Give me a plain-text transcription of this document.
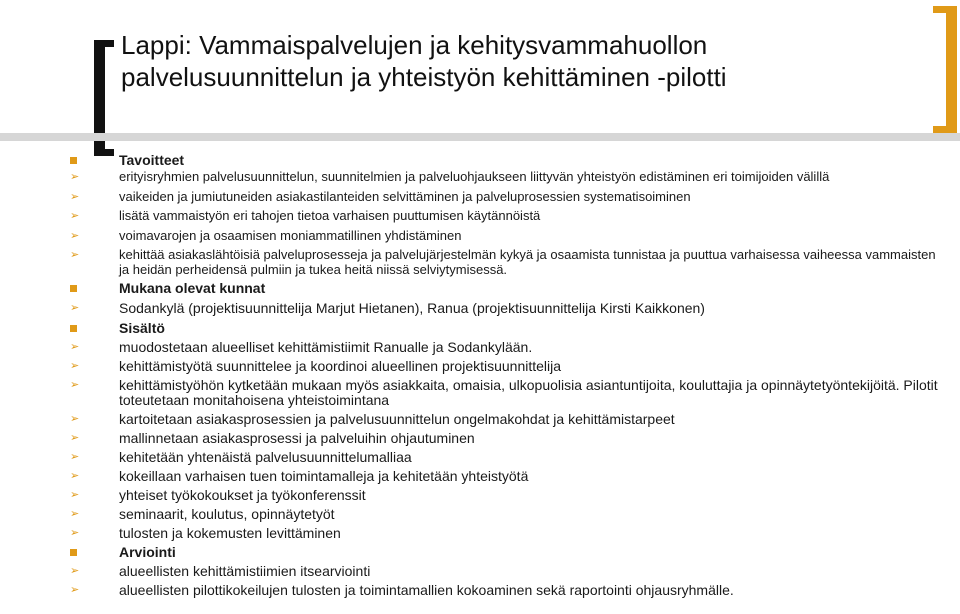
Lappi: Vammaispalvelujen ja kehitysvammahuollon
palvelusuunnittelun ja yhteistyön kehittäminen -pilotti
Tavoitteet
➢	erityisryhmien palvelusuunnittelun, suunnitelmien ja palveluohjaukseen liittyvän yhteistyön edistäminen eri toimijoiden välillä
➢	vaikeiden ja jumiutuneiden asiakastilanteiden selvittäminen ja palveluprosessien systematisoiminen
➢	lisätä vammaistyön eri tahojen tietoa varhaisen puuttumisen käytännöistä
➢	voimavarojen ja osaamisen moniammatillinen yhdistäminen
➢	kehittää asiakaslähtöisiä palveluprosesseja ja palvelujärjestelmän kykyä ja osaamista tunnistaa ja puuttua varhaisessa vaiheessa vammaisten ja heidän perheidensä pulmiin ja tukea heitä niissä selviytymisessä.
Mukana olevat kunnat
➢	Sodankylä (projektisuunnittelija Marjut Hietanen), Ranua (projektisuunnittelija Kirsti Kaikkonen)
Sisältö
➢	muodostetaan alueelliset kehittämistiimit Ranualle ja Sodankylään.
➢	kehittämistyötä suunnittelee ja koordinoi alueellinen projektisuunnittelija
➢	kehittämistyöhön kytketään mukaan myös asiakkaita, omaisia, ulkopuolisia asiantuntijoita, kouluttajia ja opinnäytetyöntekijöitä. Pilotit toteutetaan monitahoisena yhteistoimintana
➢	kartoitetaan asiakasprosessien ja palvelusuunnittelun ongelmakohdat ja kehittämistarpeet
➢	mallinnetaan asiakasprosessi ja palveluihin ohjautuminen
➢	kehitetään yhtenäistä palvelusuunnittelumalliaa
➢	kokeillaan varhaisen tuen toimintamalleja ja kehitetään yhteistyötä
➢	yhteiset työkokoukset ja työkonferenssit
➢	seminaarit, koulutus, opinnäytetyöt
➢	tulosten ja kokemusten levittäminen
Arviointi
➢	alueellisten kehittämistiimien itsearviointi
➢	alueellisten pilottikokeilujen tulosten ja toimintamallien kokoaminen sekä raportointi ohjausryhmälle.
